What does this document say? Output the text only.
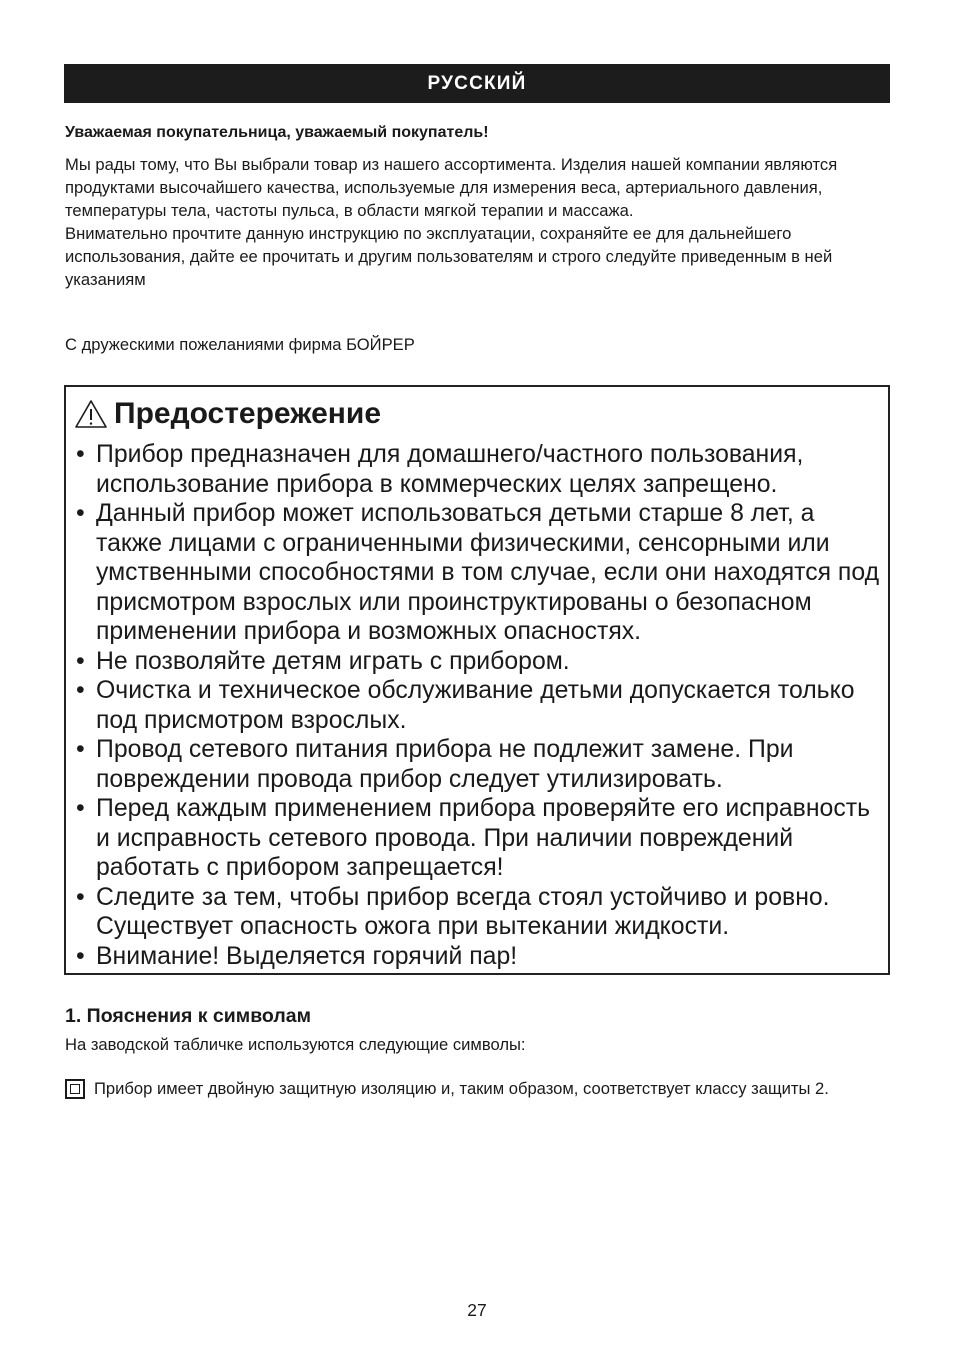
РУССКИЙ
Уважаемая покупательница, уважаемый покупатель!

Мы рады тому, что Вы выбрали товар из нашего ассортимента. Изделия нашей компании являются продуктами высочайшего качества, используемые для измерения веса, артериального давления, температуры тела, частоты пульса, в области мягкой терапии и массажа.

Внимательно прочтите данную инструкцию по эксплуатации, сохраняйте ее для дальнейшего использования, дайте ее прочитать и другим пользователям и строго следуйте приведенным в ней указаниям

С дружескими пожеланиями фирма БОЙРЕР
Предостережение
• Прибор предназначен для домашнего/частного пользования, использование прибора в коммерческих целях запрещено.
• Данный прибор может использоваться детьми старше 8 лет, а также лицами с ограниченными физическими, сенсорными или умственными способностями в том случае, если они находятся под присмотром взрослых или проинструктированы о безопасном применении прибора и возможных опасностях.
• Не позволяйте детям играть с прибором.
• Очистка и техническое обслуживание детьми допускается только под присмотром взрослых.
• Провод сетевого питания прибора не подлежит замене. При повреждении провода прибор следует утилизировать.
• Перед каждым применением прибора проверяйте его исправность и исправность сетевого провода. При наличии повреждений работать с прибором запрещается!
• Следите за тем, чтобы прибор всегда стоял устойчиво и ровно. Существует опасность ожога при вытекании жидкости.
• Внимание! Выделяется горячий пар!
1. Пояснения к символам
На заводской табличке используются следующие символы:
Прибор имеет двойную защитную изоляцию и, таким образом, соответствует классу защиты 2.
27
